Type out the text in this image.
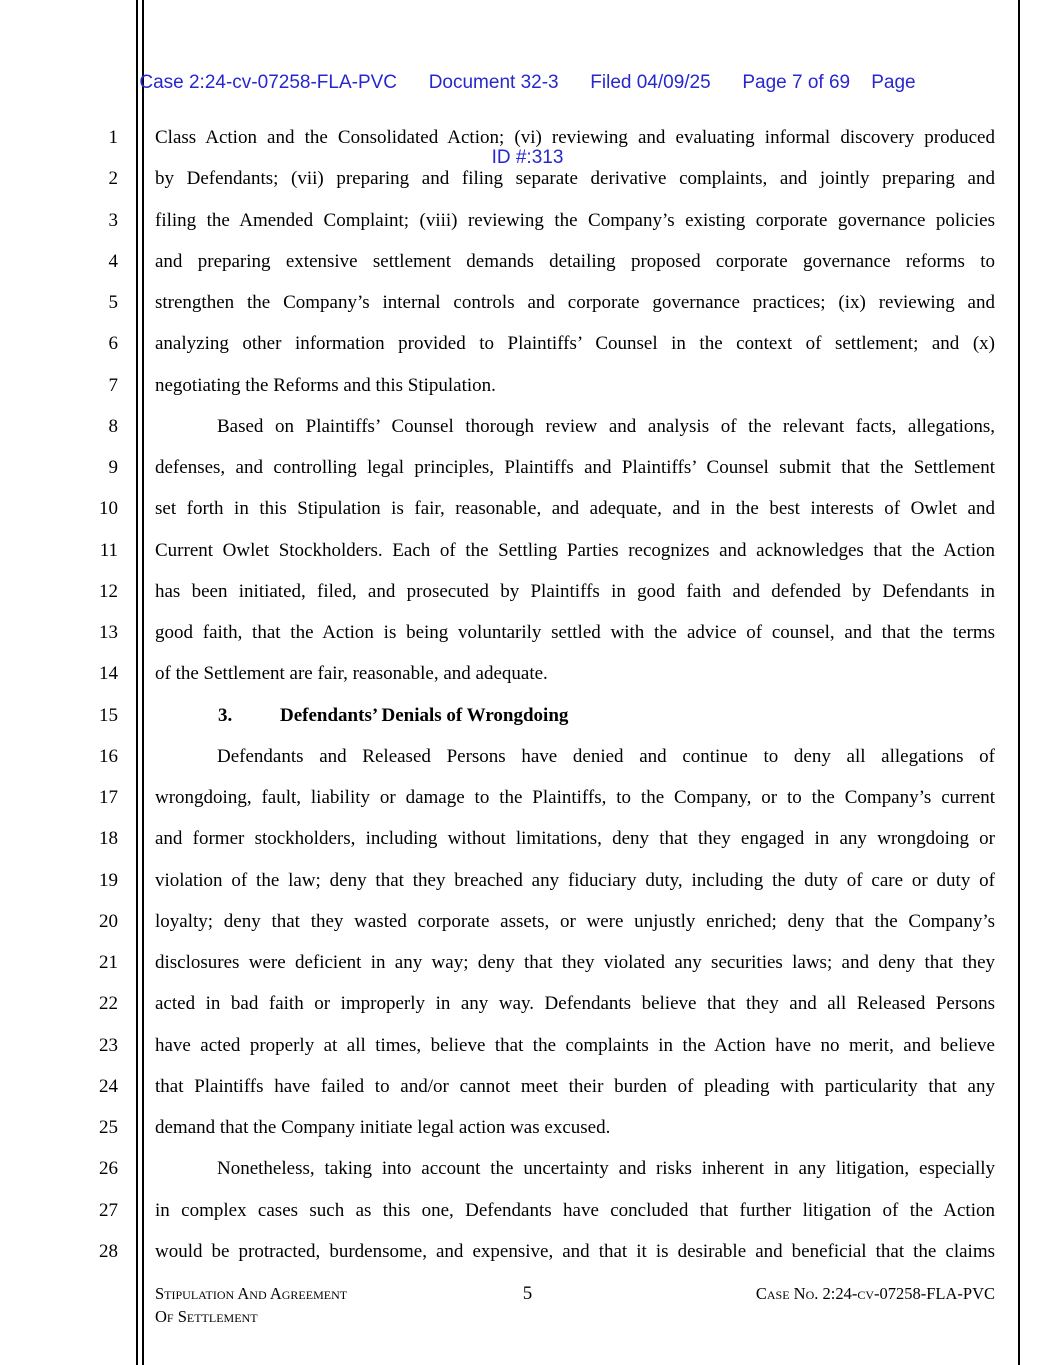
Case 2:24-cv-07258-FLA-PVC      Document 32-3      Filed 04/09/25      Page 7 of 69    Page

ID #:313

1 Class Action and the Consolidated Action; (vi) reviewing and evaluating informal discovery produced
2 by Defendants; (vii) preparing and filing separate derivative complaints, and jointly preparing and
3 filing the Amended Complaint; (viii) reviewing the Company’s existing corporate governance policies
4 and preparing extensive settlement demands detailing proposed corporate governance reforms to
5 strengthen the Company’s internal controls and corporate governance practices; (ix) reviewing and
6 analyzing other information provided to Plaintiffs’ Counsel in the context of settlement; and (x)
7 negotiating the Reforms and this Stipulation.
8	Based on Plaintiffs’ Counsel thorough review and analysis of the relevant facts, allegations,
9 defenses, and controlling legal principles, Plaintiffs and Plaintiffs’ Counsel submit that the Settlement
10 set forth in this Stipulation is fair, reasonable, and adequate, and in the best interests of Owlet and
11 Current Owlet Stockholders. Each of the Settling Parties recognizes and acknowledges that the Action
12 has been initiated, filed, and prosecuted by Plaintiffs in good faith and defended by Defendants in
13 good faith, that the Action is being voluntarily settled with the advice of counsel, and that the terms
14 of the Settlement are fair, reasonable, and adequate.
15	3.	Defendants’ Denials of Wrongdoing
16	Defendants and Released Persons have denied and continue to deny all allegations of
17 wrongdoing, fault, liability or damage to the Plaintiffs, to the Company, or to the Company’s current
18 and former stockholders, including without limitations, deny that they engaged in any wrongdoing or
19 violation of the law; deny that they breached any fiduciary duty, including the duty of care or duty of
20 loyalty; deny that they wasted corporate assets, or were unjustly enriched; deny that the Company’s
21 disclosures were deficient in any way; deny that they violated any securities laws; and deny that they
22 acted in bad faith or improperly in any way. Defendants believe that they and all Released Persons
23 have acted properly at all times, believe that the complaints in the Action have no merit, and believe
24 that Plaintiffs have failed to and/or cannot meet their burden of pleading with particularity that any
25 demand that the Company initiate legal action was excused.
26	Nonetheless, taking into account the uncertainty and risks inherent in any litigation, especially
27 in complex cases such as this one, Defendants have concluded that further litigation of the Action
28 would be protracted, burdensome, and expensive, and that it is desirable and beneficial that the claims
Stipulation And Agreement
Of Settlement
5	Case No. 2:24-cv-07258-FLA-PVC
